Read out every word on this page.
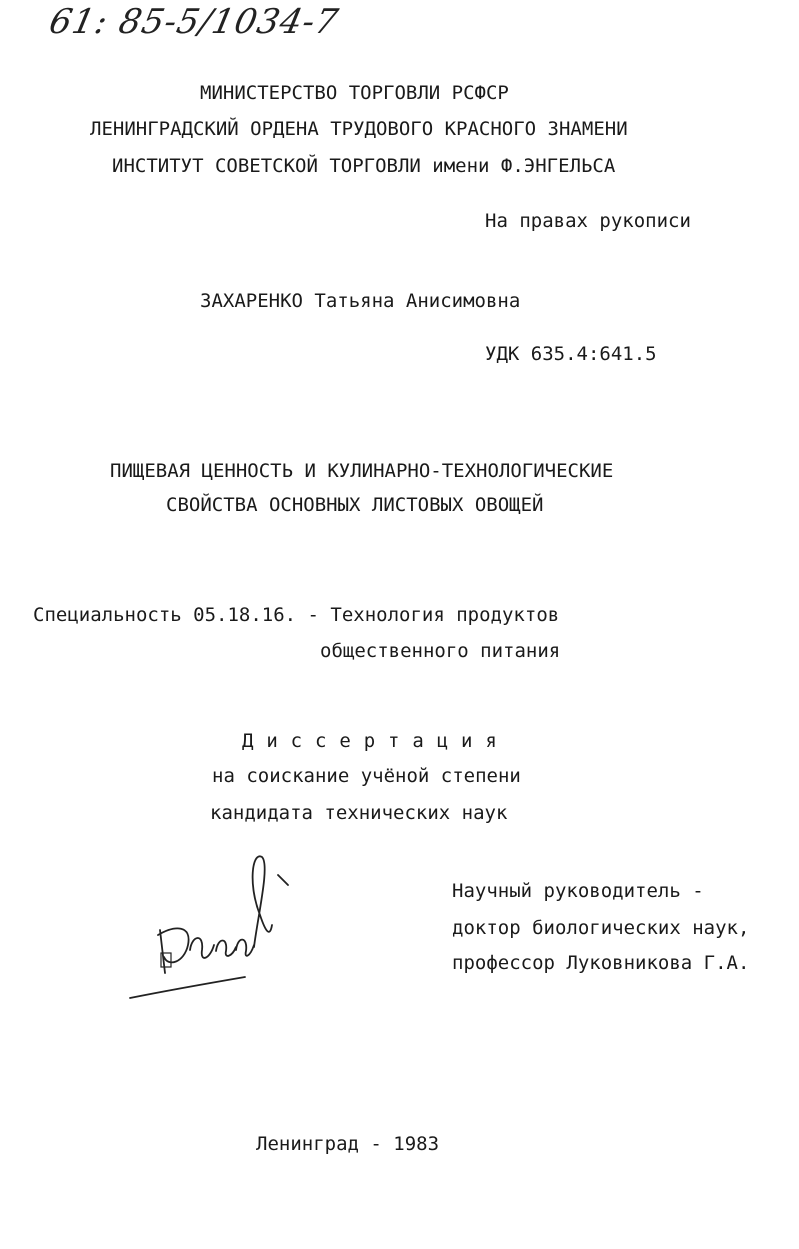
61: 85-5/1034-7
МИНИСТЕРСТВО ТОРГОВЛИ РСФСР
ЛЕНИНГРАДСКИЙ ОРДЕНА ТРУДОВОГО КРАСНОГО ЗНАМЕНИ
ИНСТИТУТ СОВЕТСКОЙ ТОРГОВЛИ имени Ф.ЭНГЕЛЬСА
На правах рукописи
ЗАХАРЕНКО Татьяна Анисимовна
УДК 635.4:641.5
ПИЩЕВАЯ ЦЕННОСТЬ И КУЛИНАРНО-ТЕХНОЛОГИЧЕСКИЕ
СВОЙСТВА ОСНОВНЫХ ЛИСТОВЫХ ОВОЩЕЙ
Специальность 05.18.16. - Технология продуктов
общественного питания
Диссертация
на соискание учёной степени
кандидата технических наук
Научный руководитель -
доктор биологических наук,
профессор Луковникова Г.А.
Ленинград - 1983
